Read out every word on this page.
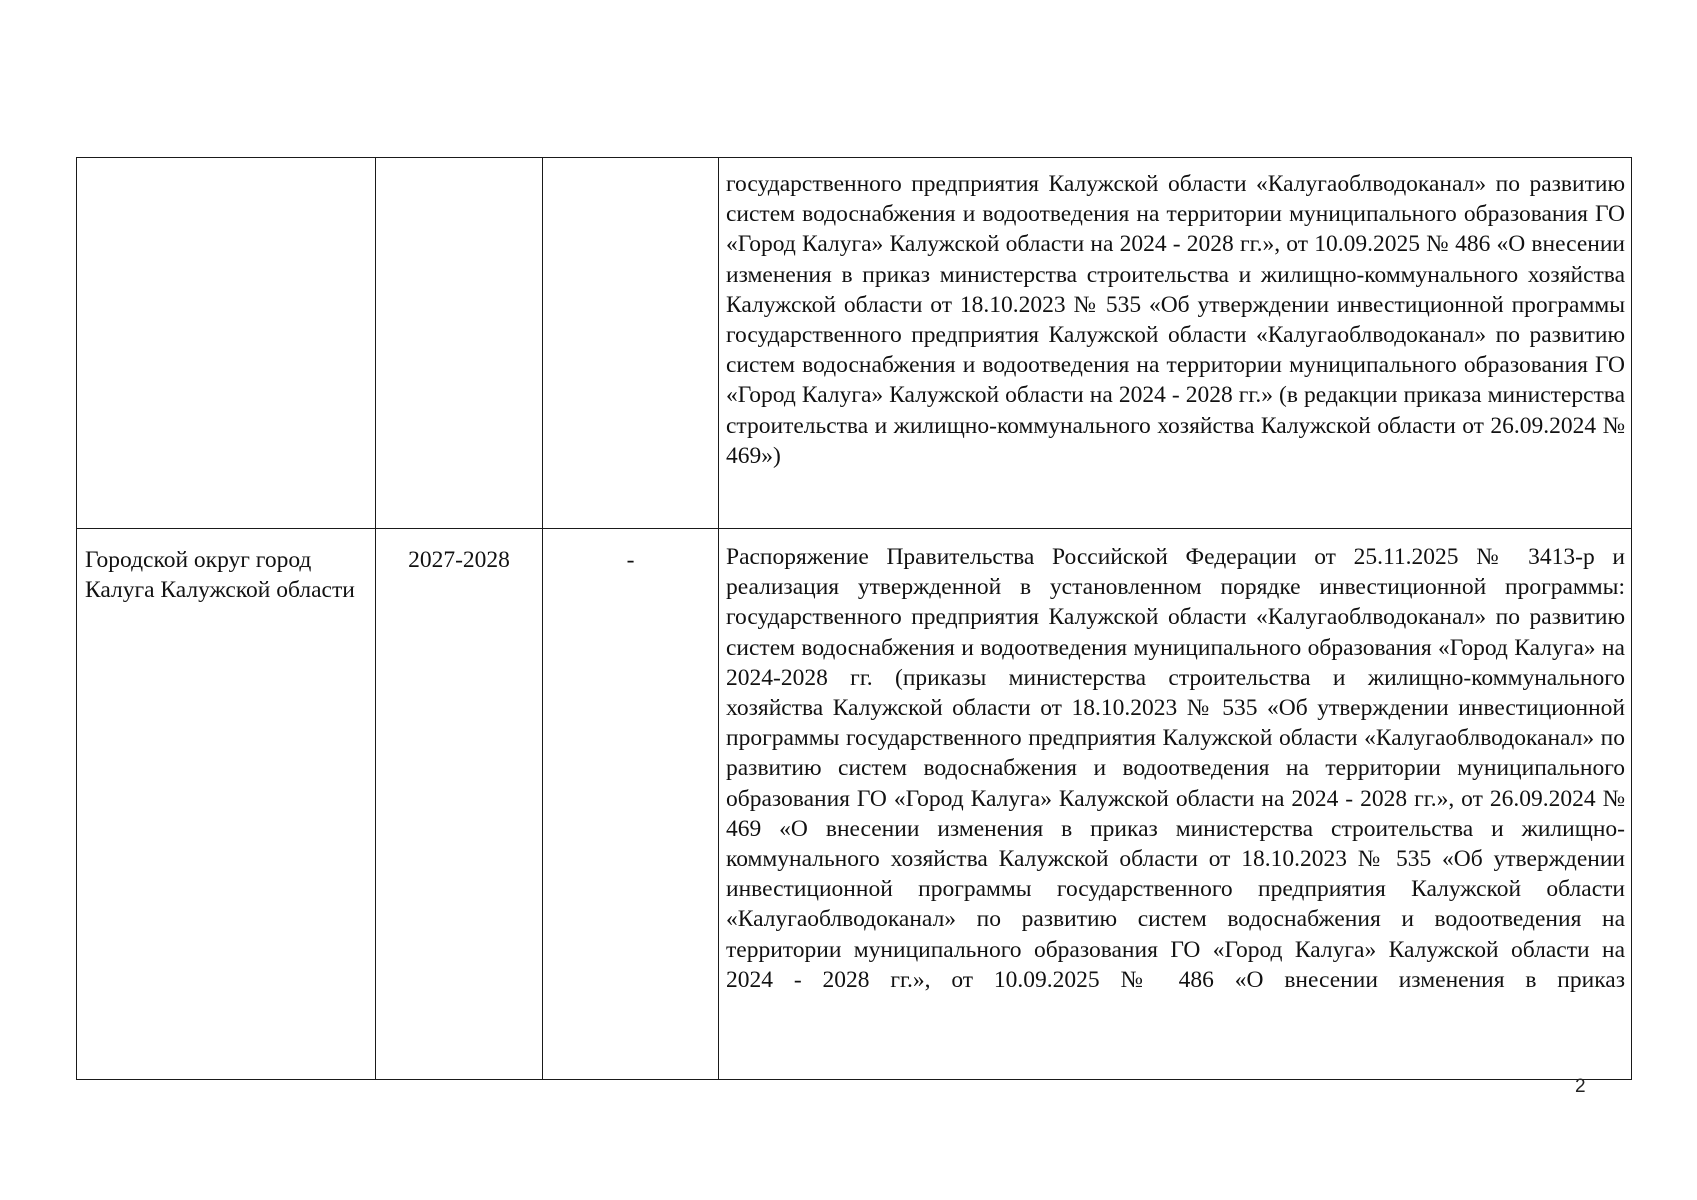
			государственного предприятия Калужской области «Калугаоблводоканал» по развитию систем водоснабжения и водоотведения на территории муниципального образования ГО «Город Калуга» Калужской области на 2024 - 2028 гг.», от 10.09.2025 № 486 «О внесении изменения в приказ министерства строительства и жилищно-коммунального хозяйства Калужской области от 18.10.2023 № 535 «Об утверждении инвестиционной программы государственного предприятия Калужской области «Калугаоблводоканал» по развитию систем водоснабжения и водоотведения на территории муниципального образования ГО «Город Калуга» Калужской области на 2024 - 2028 гг.» (в редакции приказа министерства строительства и жилищно-коммунального хозяйства Калужской области от 26.09.2024 № 469»)

Городской округ город Калуга Калужской области	2027-2028	-	Распоряжение Правительства Российской Федерации от 25.11.2025 № 3413-р и реализация утвержденной в установленном порядке инвестиционной программы: государственного предприятия Калужской области «Калугаоблводоканал» по развитию систем водоснабжения и водоотведения муниципального образования «Город Калуга» на 2024-2028 гг. (приказы министерства строительства и жилищно-коммунального хозяйства Калужской области от 18.10.2023 № 535 «Об утверждении инвестиционной программы государственного предприятия Калужской области «Калугаоблводоканал» по развитию систем водоснабжения и водоотведения на территории муниципального образования ГО «Город Калуга» Калужской области на 2024 - 2028 гг.», от 26.09.2024 № 469 «О внесении изменения в приказ министерства строительства и жилищно-коммунального хозяйства Калужской области от 18.10.2023 № 535 «Об утверждении инвестиционной программы государственного предприятия Калужской области «Калугаоблводоканал» по развитию систем водоснабжения и водоотведения на территории муниципального образования ГО «Город Калуга» Калужской области на 2024 - 2028 гг.», от 10.09.2025 № 486 «О внесении изменения в приказ
2
